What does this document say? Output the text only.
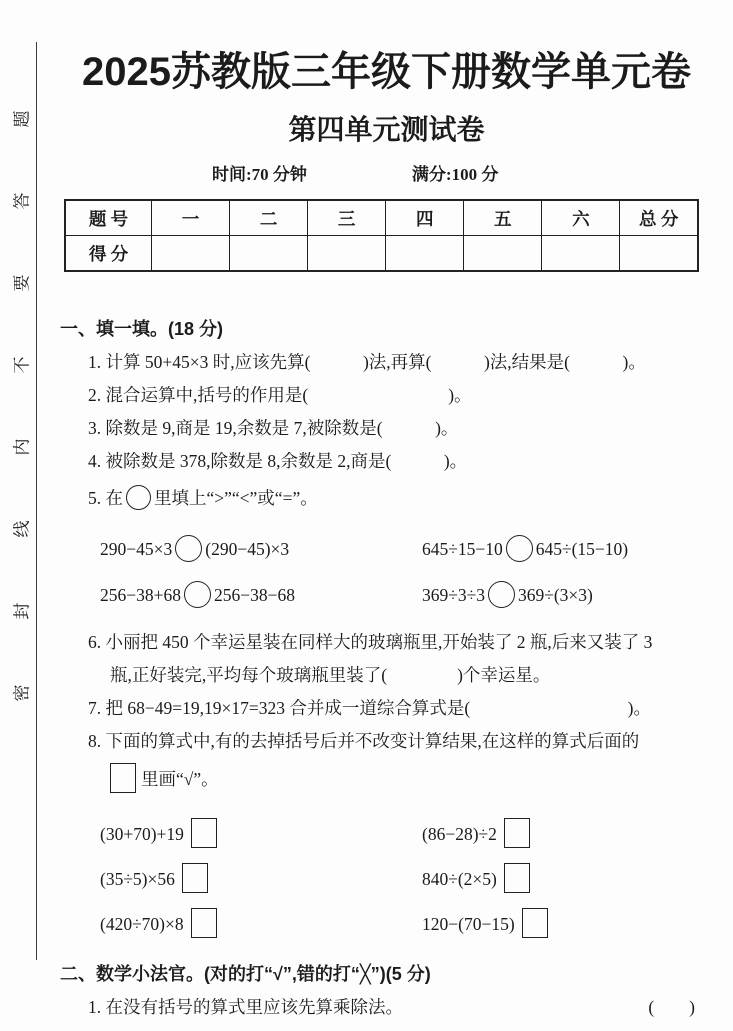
密　封　线　内　不　要　答　题
2025苏教版三年级下册数学单元卷
第四单元测试卷
时间:70 分钟	满分:100 分
题 号	一	二	三	四	五	六	总 分
得 分							
一、填一填。(18 分)
1. 计算 50+45×3 时,应该先算(　　　)法,再算(　　　)法,结果是(　　　)。
2. 混合运算中,括号的作用是(　　　　　　　　)。
3. 除数是 9,商是 19,余数是 7,被除数是(　　　)。
4. 被除数是 378,除数是 8,余数是 2,商是(　　　)。
5. 在 里填上“>”“<”或“=”。
290−45×3 (290−45)×3	645÷15−10 645÷(15−10)
256−38+68 256−38−68	369÷3÷3 369÷(3×3)
6. 小丽把 450 个幸运星装在同样大的玻璃瓶里,开始装了 2 瓶,后来又装了 3
瓶,正好装完,平均每个玻璃瓶里装了(　　　　)个幸运星。
7. 把 68−49=19,19×17=323 合并成一道综合算式是(　　　　　　　　　)。
8. 下面的算式中,有的去掉括号后并不改变计算结果,在这样的算式后面的
里画“√”。
(30+70)+19	(86−28)÷2
(35÷5)×56	840÷(2×5)
(420÷70)×8	120−(70−15)
二、数学小法官。(对的打“√”,错的打“╳”)(5 分)
1. 在没有括号的算式里应该先算乘除法。	(　　)
